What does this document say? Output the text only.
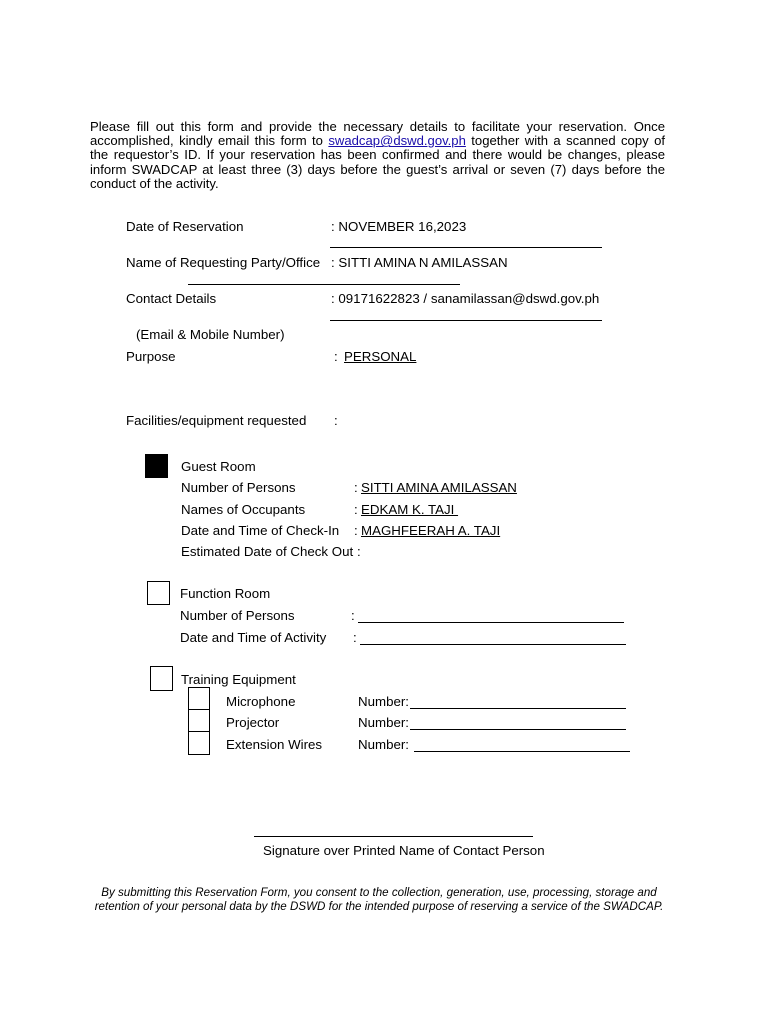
Please fill out this form and provide the necessary details to facilitate your reservation. Once accomplished, kindly email this form to swadcap@dswd.gov.ph together with a scanned copy of the requestor’s ID. If your reservation has been confirmed and there would be changes, please inform SWADCAP at least three (3) days before the guest’s arrival or seven (7) days before the conduct of the activity.
Date of Reservation	: NOVEMBER 16,2023
Name of Requesting Party/Office : SITTI AMINA N AMILASSAN
Contact Details	: 09171622823 / sanamilassan@dswd.gov.ph
(Email & Mobile Number)
Purpose	: PERSONAL
Facilities/equipment requested :
Guest Room
Number of Persons	: SITTI AMINA AMILASSAN
Names of Occupants	: EDKAM K. TAJI
Date and Time of Check-In : MAGHFEERAH A. TAJI
Estimated Date of Check Out :
Function Room
Number of Persons	:
Date and Time of Activity :
Training Equipment
Microphone	Number:
Projector	Number:
Extension Wires	Number:
Signature over Printed Name of Contact Person
By submitting this Reservation Form, you consent to the collection, generation, use, processing, storage and retention of your personal data by the DSWD for the intended purpose of reserving a service of the SWADCAP.
